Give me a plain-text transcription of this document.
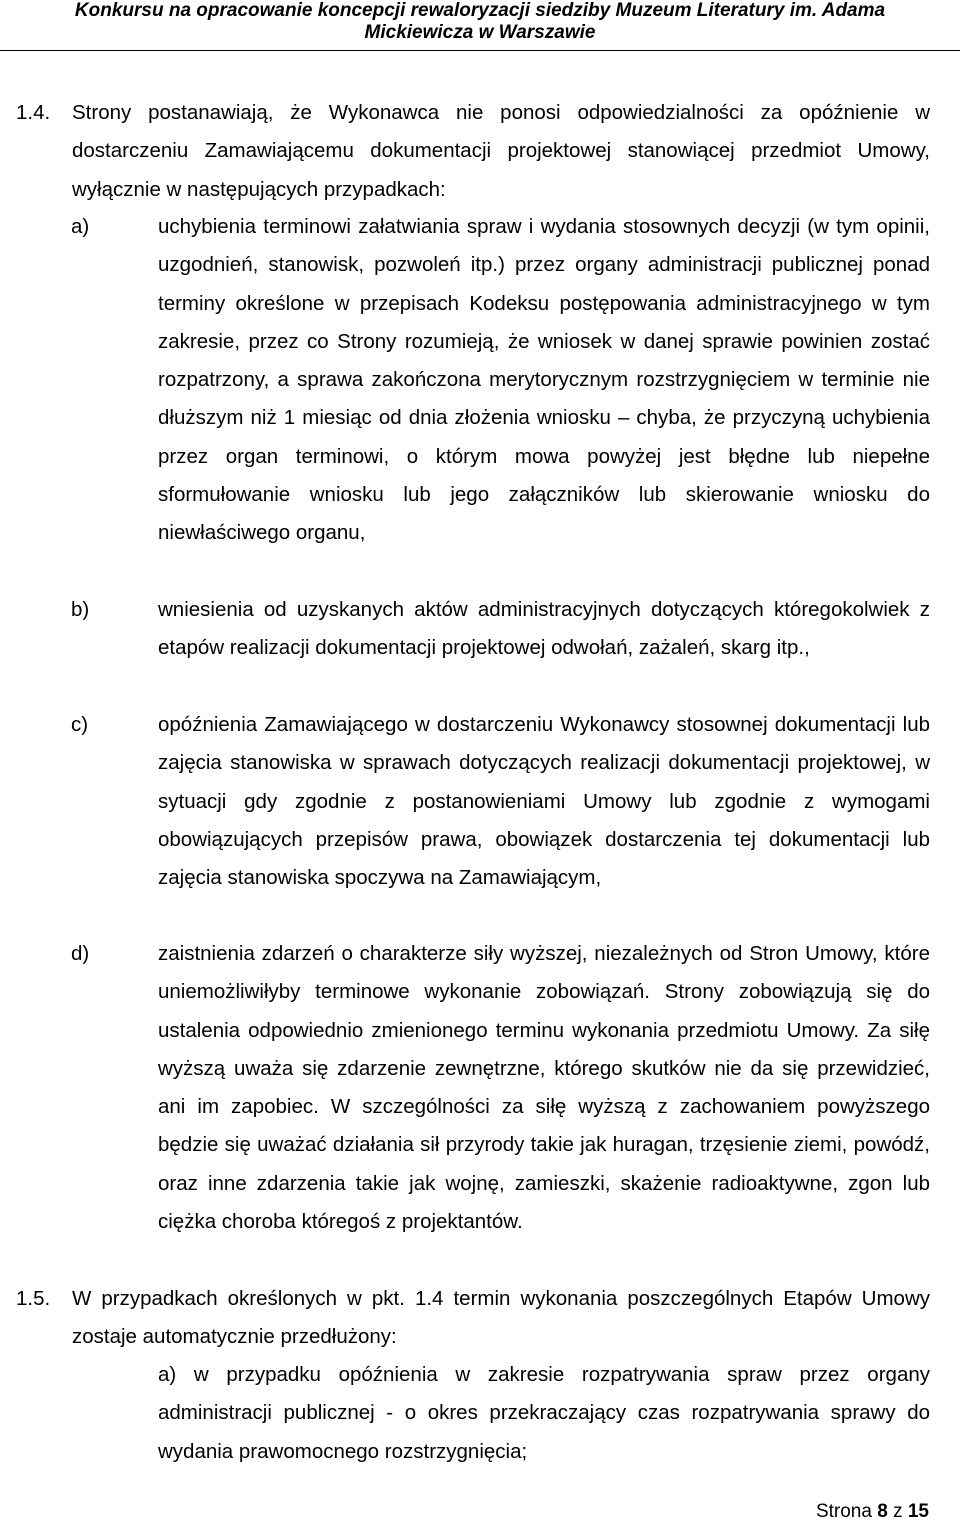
Konkursu na opracowanie koncepcji rewaloryzacji siedziby Muzeum Literatury im. Adama
Mickiewicza w Warszawie
1.4. Strony postanawiają, że Wykonawca nie ponosi odpowiedzialności za opóźnienie w dostarczeniu Zamawiającemu dokumentacji projektowej stanowiącej przedmiot Umowy, wyłącznie w następujących przypadkach:
a)	uchybienia terminowi załatwiania spraw i wydania stosownych decyzji (w tym opinii, uzgodnień, stanowisk, pozwoleń itp.) przez organy administracji publicznej ponad terminy określone w przepisach Kodeksu postępowania administracyjnego w tym zakresie, przez co Strony rozumieją, że wniosek w danej sprawie powinien zostać rozpatrzony, a sprawa zakończona merytorycznym rozstrzygnięciem w terminie nie dłuższym niż 1 miesiąc od dnia złożenia wniosku – chyba, że przyczyną uchybienia przez organ terminowi, o którym mowa powyżej jest błędne lub niepełne sformułowanie wniosku lub jego załączników lub skierowanie wniosku do niewłaściwego organu,
b)	wniesienia od uzyskanych aktów administracyjnych dotyczących któregokolwiek z etapów realizacji dokumentacji projektowej odwołań, zażaleń, skarg itp.,
c)	opóźnienia Zamawiającego w dostarczeniu Wykonawcy stosownej dokumentacji lub zajęcia stanowiska w sprawach dotyczących realizacji dokumentacji projektowej, w sytuacji gdy zgodnie z postanowieniami Umowy lub zgodnie z wymogami obowiązujących przepisów prawa, obowiązek dostarczenia tej dokumentacji lub zajęcia stanowiska spoczywa na Zamawiającym,
d)	zaistnienia zdarzeń o charakterze siły wyższej, niezależnych od Stron Umowy, które uniemożliwiłyby terminowe wykonanie zobowiązań. Strony zobowiązują się do ustalenia odpowiednio zmienionego terminu wykonania przedmiotu Umowy. Za siłę wyższą uważa się zdarzenie zewnętrzne, którego skutków nie da się przewidzieć, ani im zapobiec. W szczególności za siłę wyższą z zachowaniem powyższego będzie się uważać działania sił przyrody takie jak huragan, trzęsienie ziemi, powódź, oraz inne zdarzenia takie jak wojnę, zamieszki, skażenie radioaktywne, zgon lub ciężka choroba któregoś z projektantów.
1.5. W przypadkach określonych w pkt. 1.4 termin wykonania poszczególnych Etapów Umowy zostaje automatycznie przedłużony:
a) w przypadku opóźnienia w zakresie rozpatrywania spraw przez organy administracji publicznej - o okres przekraczający czas rozpatrywania sprawy do wydania prawomocnego rozstrzygnięcia;
Strona 8 z 15
